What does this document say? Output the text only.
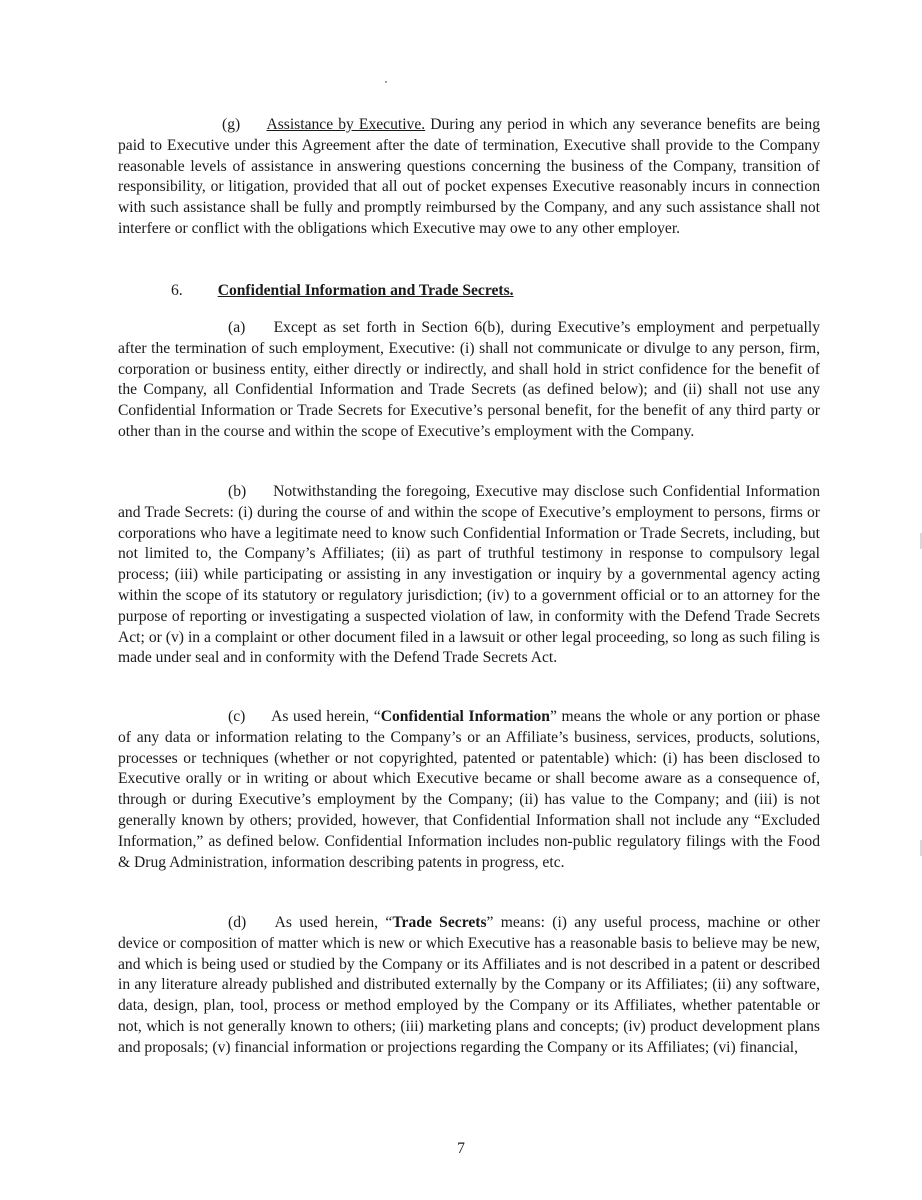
(g) Assistance by Executive. During any period in which any severance benefits are being paid to Executive under this Agreement after the date of termination, Executive shall provide to the Company reasonable levels of assistance in answering questions concerning the business of the Company, transition of responsibility, or litigation, provided that all out of pocket expenses Executive reasonably incurs in connection with such assistance shall be fully and promptly reimbursed by the Company, and any such assistance shall not interfere or conflict with the obligations which Executive may owe to any other employer.

6. Confidential Information and Trade Secrets.

(a) Except as set forth in Section 6(b), during Executive’s employment and perpetually after the termination of such employment, Executive: (i) shall not communicate or divulge to any person, firm, corporation or business entity, either directly or indirectly, and shall hold in strict confidence for the benefit of the Company, all Confidential Information and Trade Secrets (as defined below); and (ii) shall not use any Confidential Information or Trade Secrets for Executive’s personal benefit, for the benefit of any third party or other than in the course and within the scope of Executive’s employment with the Company.

(b) Notwithstanding the foregoing, Executive may disclose such Confidential Information and Trade Secrets: (i) during the course of and within the scope of Executive’s employment to persons, firms or corporations who have a legitimate need to know such Confidential Information or Trade Secrets, including, but not limited to, the Company’s Affiliates; (ii) as part of truthful testimony in response to compulsory legal process; (iii) while participating or assisting in any investigation or inquiry by a governmental agency acting within the scope of its statutory or regulatory jurisdiction; (iv) to a government official or to an attorney for the purpose of reporting or investigating a suspected violation of law, in conformity with the Defend Trade Secrets Act; or (v) in a complaint or other document filed in a lawsuit or other legal proceeding, so long as such filing is made under seal and in conformity with the Defend Trade Secrets Act.

(c) As used herein, “Confidential Information” means the whole or any portion or phase of any data or information relating to the Company’s or an Affiliate’s business, services, products, solutions, processes or techniques (whether or not copyrighted, patented or patentable) which: (i) has been disclosed to Executive orally or in writing or about which Executive became or shall become aware as a consequence of, through or during Executive’s employment by the Company; (ii) has value to the Company; and (iii) is not generally known by others; provided, however, that Confidential Information shall not include any “Excluded Information,” as defined below. Confidential Information includes non-public regulatory filings with the Food & Drug Administration, information describing patents in progress, etc.

(d) As used herein, “Trade Secrets” means: (i) any useful process, machine or other device or composition of matter which is new or which Executive has a reasonable basis to believe may be new, and which is being used or studied by the Company or its Affiliates and is not described in a patent or described in any literature already published and distributed externally by the Company or its Affiliates; (ii) any software, data, design, plan, tool, process or method employed by the Company or its Affiliates, whether patentable or not, which is not generally known to others; (iii) marketing plans and concepts; (iv) product development plans and proposals; (v) financial information or projections regarding the Company or its Affiliates; (vi) financial,

7
